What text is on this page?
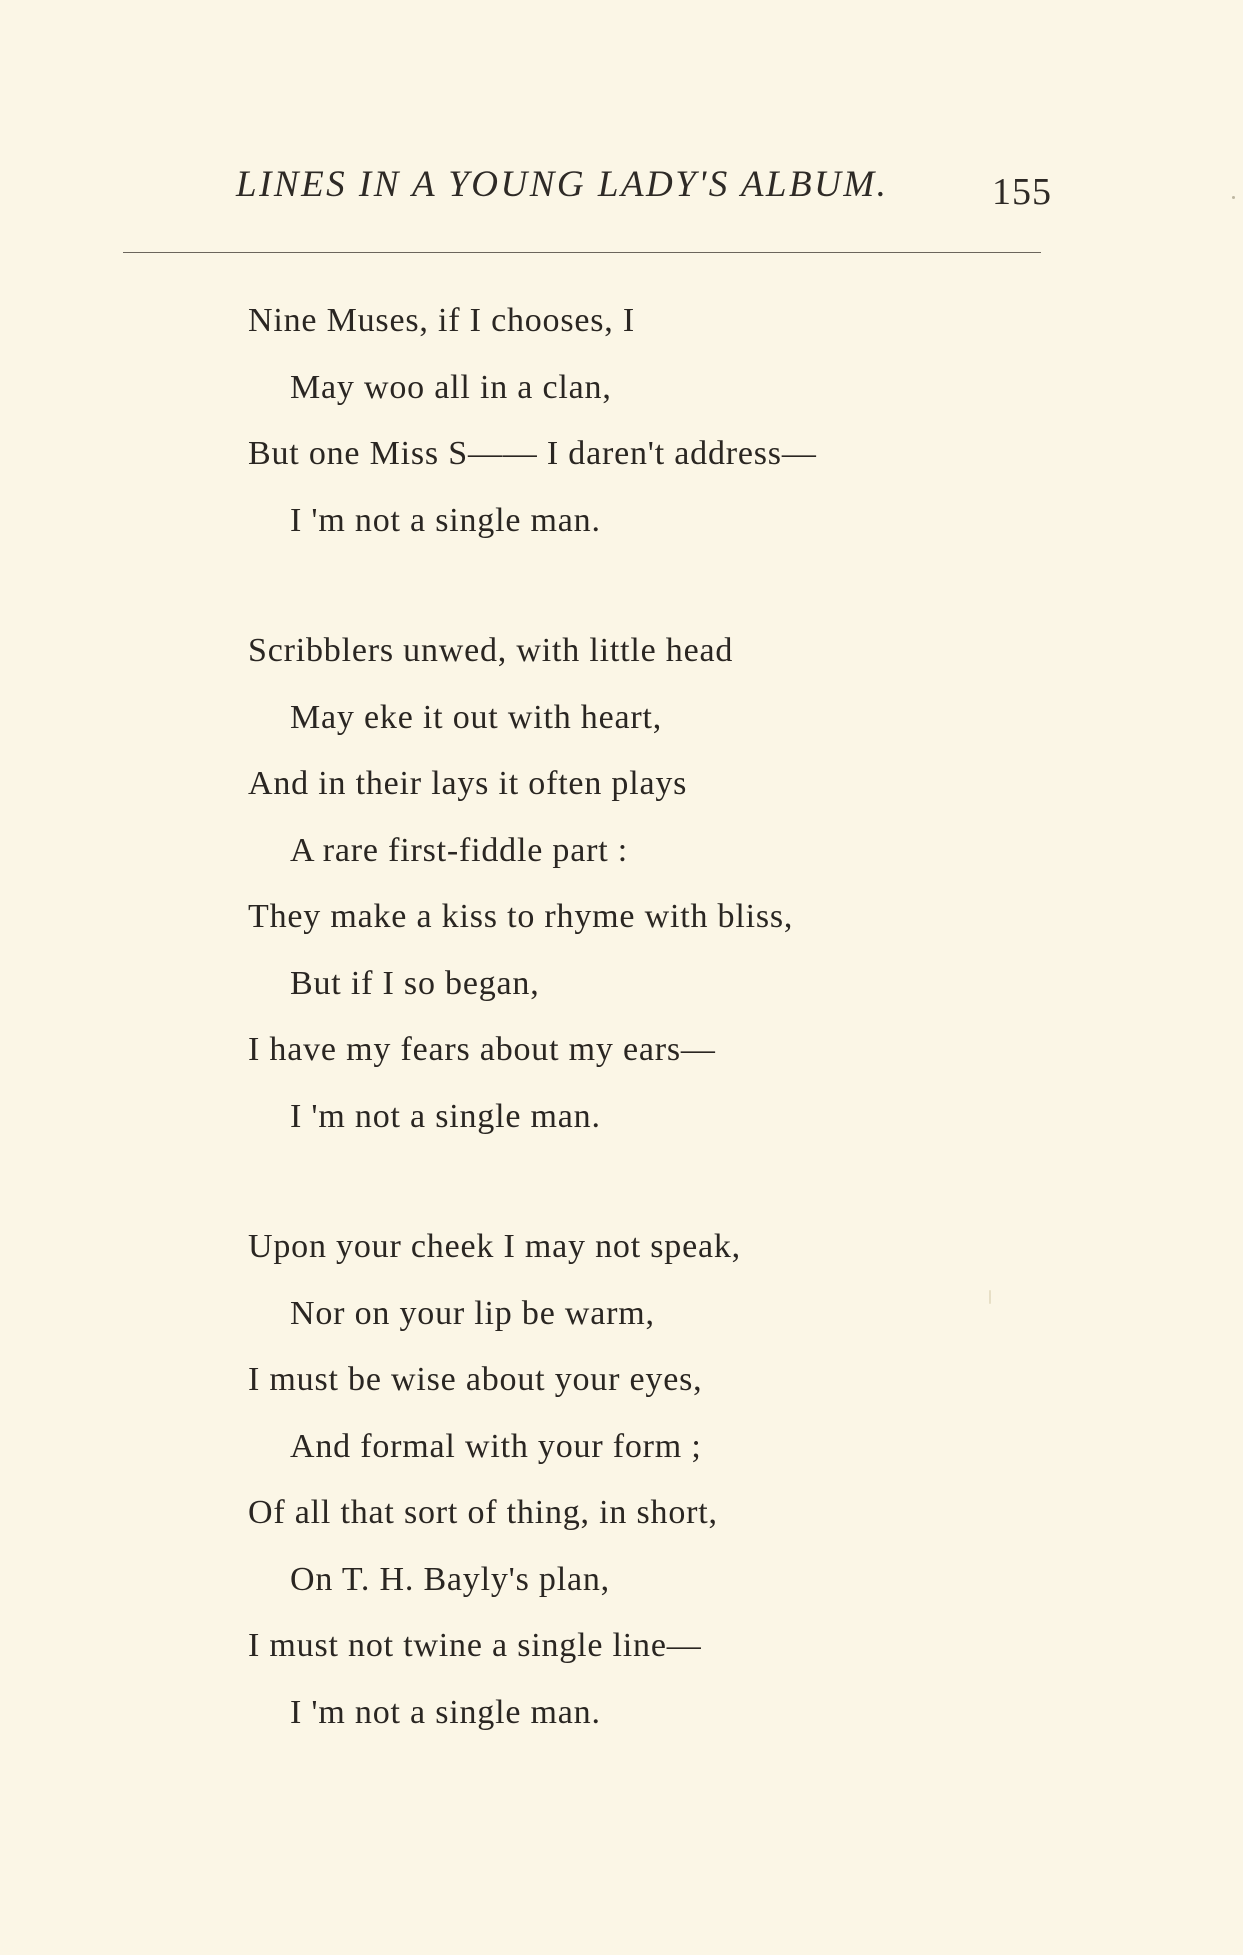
LINES IN A YOUNG LADY'S ALBUM.	155
Nine Muses, if I chooses, I
May woo all in a clan,
But one Miss S—— I daren't address—
I 'm not a single man.
Scribblers unwed, with little head
May eke it out with heart,
And in their lays it often plays
A rare first-fiddle part :
They make a kiss to rhyme with bliss,
But if I so began,
I have my fears about my ears—
I 'm not a single man.
Upon your cheek I may not speak,
Nor on your lip be warm,
I must be wise about your eyes,
And formal with your form ;
Of all that sort of thing, in short,
On T. H. Bayly's plan,
I must not twine a single line—
I 'm not a single man.
